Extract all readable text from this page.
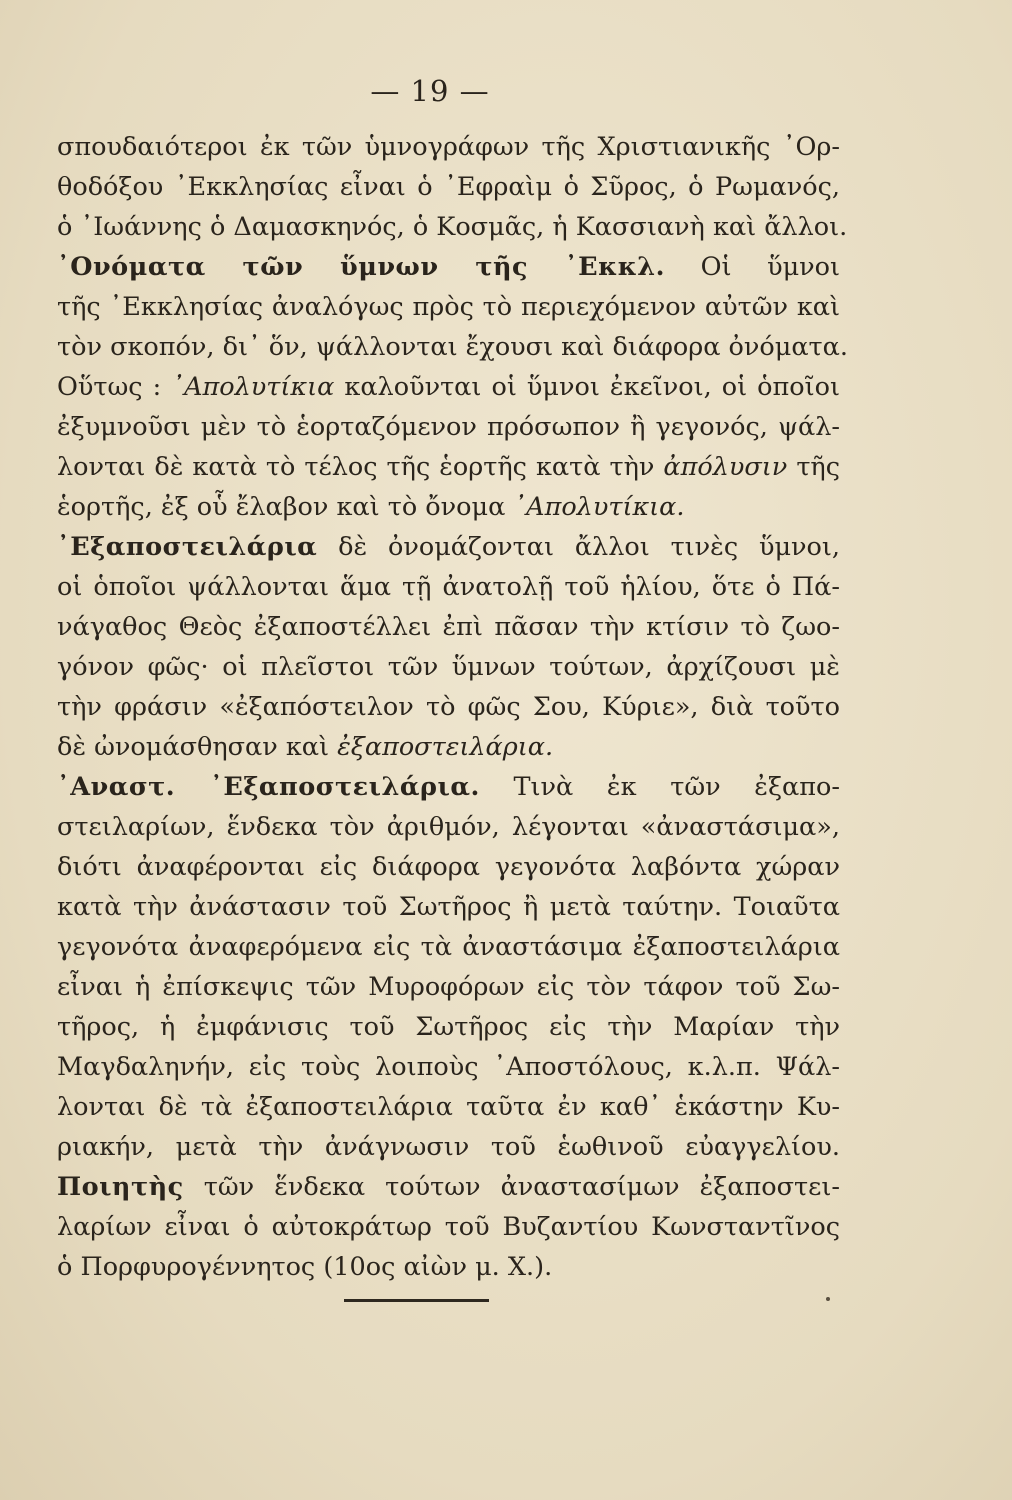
— 19 —
σπουδαιότεροι ἐκ τῶν ὑμνογράφων τῆς Χριστιανικῆς ᾿Ορ-
θοδόξου ᾿Εκκλησίας εἶναι ὁ ᾿Εφραὶμ ὁ Σῦρος, ὁ Ρωμανός,
ὁ ᾿Ιωάννης ὁ Δαμασκηνός, ὁ Κοσμᾶς, ἡ Κασσιανὴ καὶ ἄλλοι.
᾿Ονόματα τῶν ὕμνων τῆς ᾿Εκκλ. Οἱ ὕμνοι
τῆς ᾿Εκκλησίας ἀναλόγως πρὸς τὸ περιεχόμενον αὐτῶν καὶ
τὸν σκοπόν, δι᾿ ὅν, ψάλλονται ἔχουσι καὶ διάφορα ὀνόματα.
Οὕτως : ᾿Απολυτίκια καλοῦνται οἱ ὕμνοι ἐκεῖνοι, οἱ ὁποῖοι
ἐξυμνοῦσι μὲν τὸ ἑορταζόμενον πρόσωπον ἢ γεγονός, ψάλ-
λονται δὲ κατὰ τὸ τέλος τῆς ἑορτῆς κατὰ τὴν ἀπόλυσιν τῆς
ἑορτῆς, ἐξ οὗ ἔλαβον καὶ τὸ ὄνομα ᾿Απολυτίκια.
᾿Εξαποστειλάρια δὲ ὀνομάζονται ἄλλοι τινὲς ὕμνοι,
οἱ ὁποῖοι ψάλλονται ἅμα τῇ ἀνατολῇ τοῦ ἡλίου, ὅτε ὁ Πά-
νάγαθος Θεὸς ἐξαποστέλλει ἐπὶ πᾶσαν τὴν κτίσιν τὸ ζωο-
γόνον φῶς· οἱ πλεῖστοι τῶν ὕμνων τούτων, ἀρχίζουσι μὲ
τὴν φράσιν «ἐξαπόστειλον τὸ φῶς Σου, Κύριε», διὰ τοῦτο
δὲ ὠνομάσθησαν καὶ ἐξαποστειλάρια.
᾿Αναστ. ᾿Εξαποστειλάρια. Τινὰ ἐκ τῶν ἐξαπο-
στειλαρίων, ἕνδεκα τὸν ἀριθμόν, λέγονται «ἀναστάσιμα»,
διότι ἀναφέρονται εἰς διάφορα γεγονότα λαβόντα χώραν
κατὰ τὴν ἀνάστασιν τοῦ Σωτῆρος ἢ μετὰ ταύτην. Τοιαῦτα
γεγονότα ἀναφερόμενα εἰς τὰ ἀναστάσιμα ἐξαποστειλάρια
εἶναι ἡ ἐπίσκεψις τῶν Μυροφόρων εἰς τὸν τάφον τοῦ Σω-
τῆρος, ἡ ἐμφάνισις τοῦ Σωτῆρος εἰς τὴν Μαρίαν τὴν
Μαγδαληνήν, εἰς τοὺς λοιποὺς ᾿Αποστόλους, κ.λ.π. Ψάλ-
λονται δὲ τὰ ἐξαποστειλάρια ταῦτα ἐν καθ᾿ ἑκάστην Κυ-
ριακήν, μετὰ τὴν ἀνάγνωσιν τοῦ ἑωθινοῦ εὐαγγελίου.
Ποιητὴς τῶν ἕνδεκα τούτων ἀναστασίμων ἐξαποστει-
λαρίων εἶναι ὁ αὐτοκράτωρ τοῦ Βυζαντίου Κωνσταντῖνος
ὁ Πορφυρογέννητος (10ος αἰὼν μ. Χ.).
